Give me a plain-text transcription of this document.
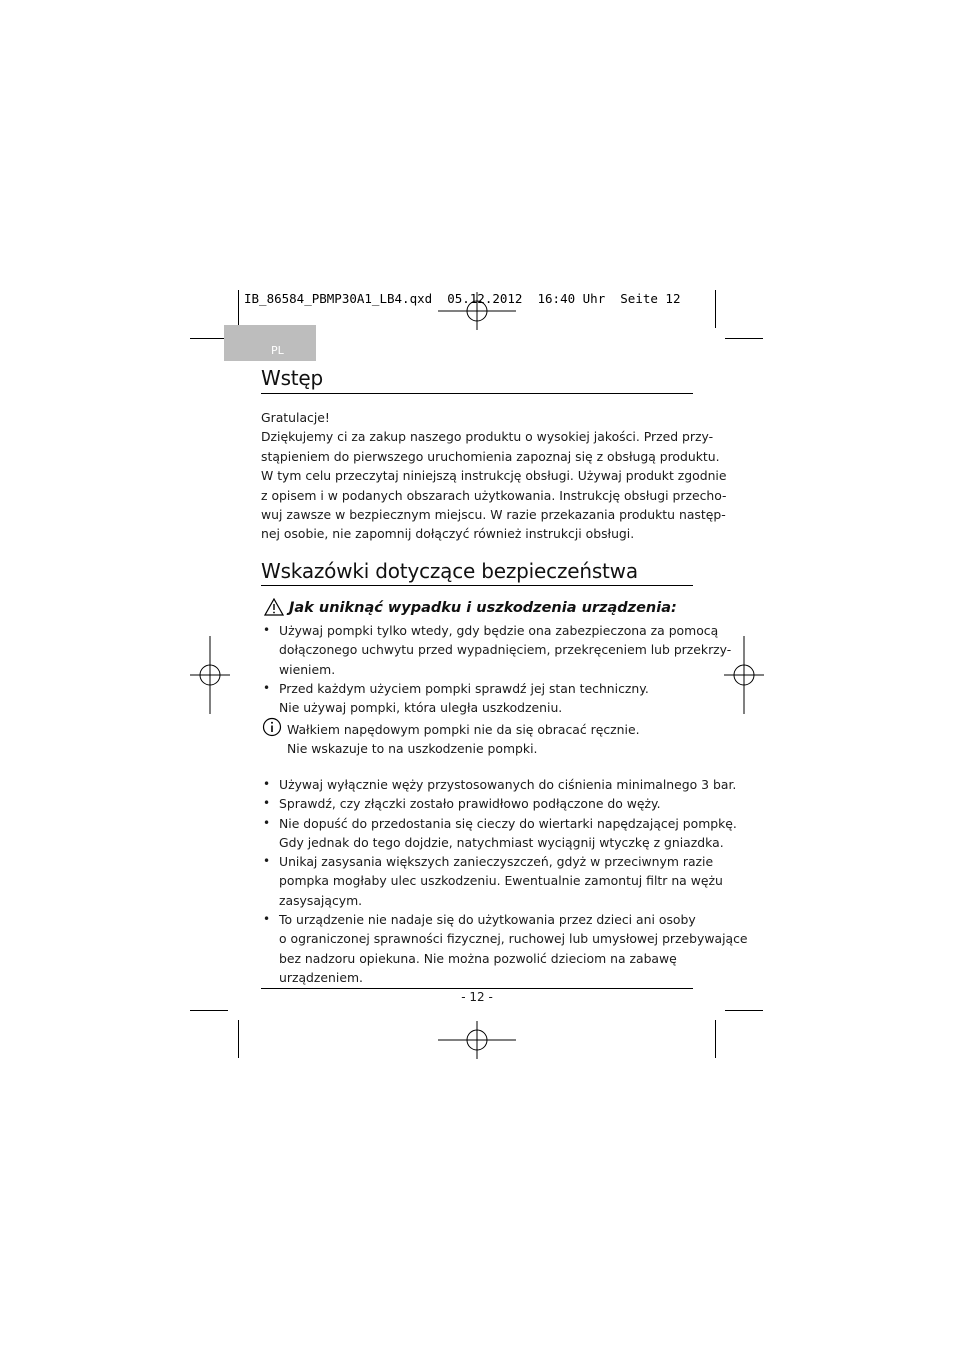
IB_86584_PBMP30A1_LB4.qxd  05.12.2012  16:40 Uhr  Seite 12
PL
Wstęp
Gratulacje!
Dziękujemy ci za zakup naszego produktu o wysokiej jakości. Przed przy-
stąpieniem do pierwszego uruchomienia zapoznaj się z obsługą produktu.
W tym celu przeczytaj niniejszą instrukcję obsługi. Używaj produkt zgodnie
z opisem i w podanych obszarach użytkowania. Instrukcję obsługi przecho-
wuj zawsze w bezpiecznym miejscu. W razie przekazania produktu następ-
nej osobie, nie zapomnij dołączyć również instrukcji obsługi.
Wskazówki dotyczące bezpieczeństwa
Jak uniknąć wypadku i uszkodzenia urządzenia:
• Używaj pompki tylko wtedy, gdy będzie ona zabezpieczona za pomocą
dołączonego uchwytu przed wypadnięciem, przekręceniem lub przekrzy-
wieniem.
• Przed każdym użyciem pompki sprawdź jej stan techniczny.
Nie używaj pompki, która uległa uszkodzeniu.
Wałkiem napędowym pompki nie da się obracać ręcznie.
Nie wskazuje to na uszkodzenie pompki.
• Używaj wyłącznie węży przystosowanych do ciśnienia minimalnego 3 bar.
• Sprawdź, czy złączki zostało prawidłowo podłączone do węży.
• Nie dopuść do przedostania się cieczy do wiertarki napędzającej pompkę.
Gdy jednak do tego dojdzie, natychmiast wyciągnij wtyczkę z gniazdka.
• Unikaj zasysania większych zanieczyszczeń, gdyż w przeciwnym razie
pompka mogłaby ulec uszkodzeniu. Ewentualnie zamontuj filtr na wężu
zasysającym.
• To urządzenie nie nadaje się do użytkowania przez dzieci ani osoby
o ograniczonej sprawności fizycznej, ruchowej lub umysłowej przebywające
bez nadzoru opiekuna. Nie można pozwolić dzieciom na zabawę
urządzeniem.
- 12 -
